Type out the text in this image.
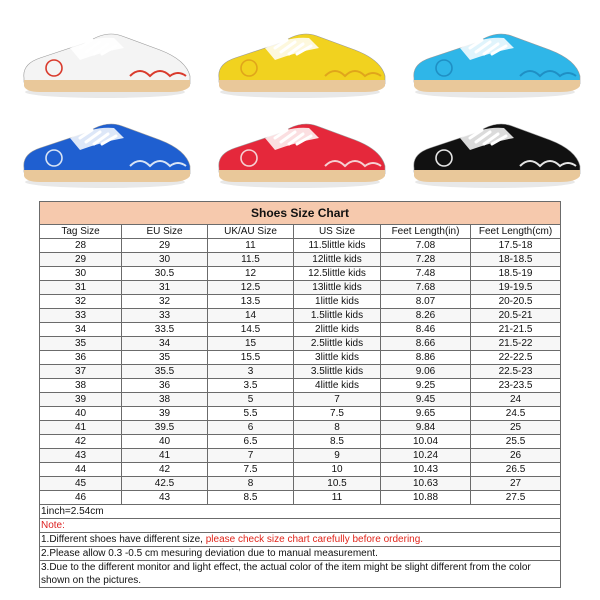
Shoes Size Chart					
Tag Size	EU Size	UK/AU Size	US Size	Feet Length(in)	Feet Length(cm)
28	29	11	11.5little kids	7.08	17.5-18
29	30	11.5	12little kids	7.28	18-18.5
30	30.5	12	12.5little kids	7.48	18.5-19
31	31	12.5	13little kids	7.68	19-19.5
32	32	13.5	1little kids	8.07	20-20.5
33	33	14	1.5little kids	8.26	20.5-21
34	33.5	14.5	2little kids	8.46	21-21.5
35	34	15	2.5little kids	8.66	21.5-22
36	35	15.5	3little kids	8.86	22-22.5
37	35.5	3	3.5little kids	9.06	22.5-23
38	36	3.5	4little kids	9.25	23-23.5
39	38	5	7	9.45	24
40	39	5.5	7.5	9.65	24.5
41	39.5	6	8	9.84	25
42	40	6.5	8.5	10.04	25.5
43	41	7	9	10.24	26
44	42	7.5	10	10.43	26.5
45	42.5	8	10.5	10.63	27
46	43	8.5	11	10.88	27.5
1inch=2.54cm					
Note:					
1.Different shoes have different size, please check size chart carefully before ordering.					
2.Please allow 0.3 -0.5 cm mesuring deviation due to manual measurement.					
3.Due to the different monitor and light effect, the actual color of the item might be slight different from the color shown on the pictures.					
